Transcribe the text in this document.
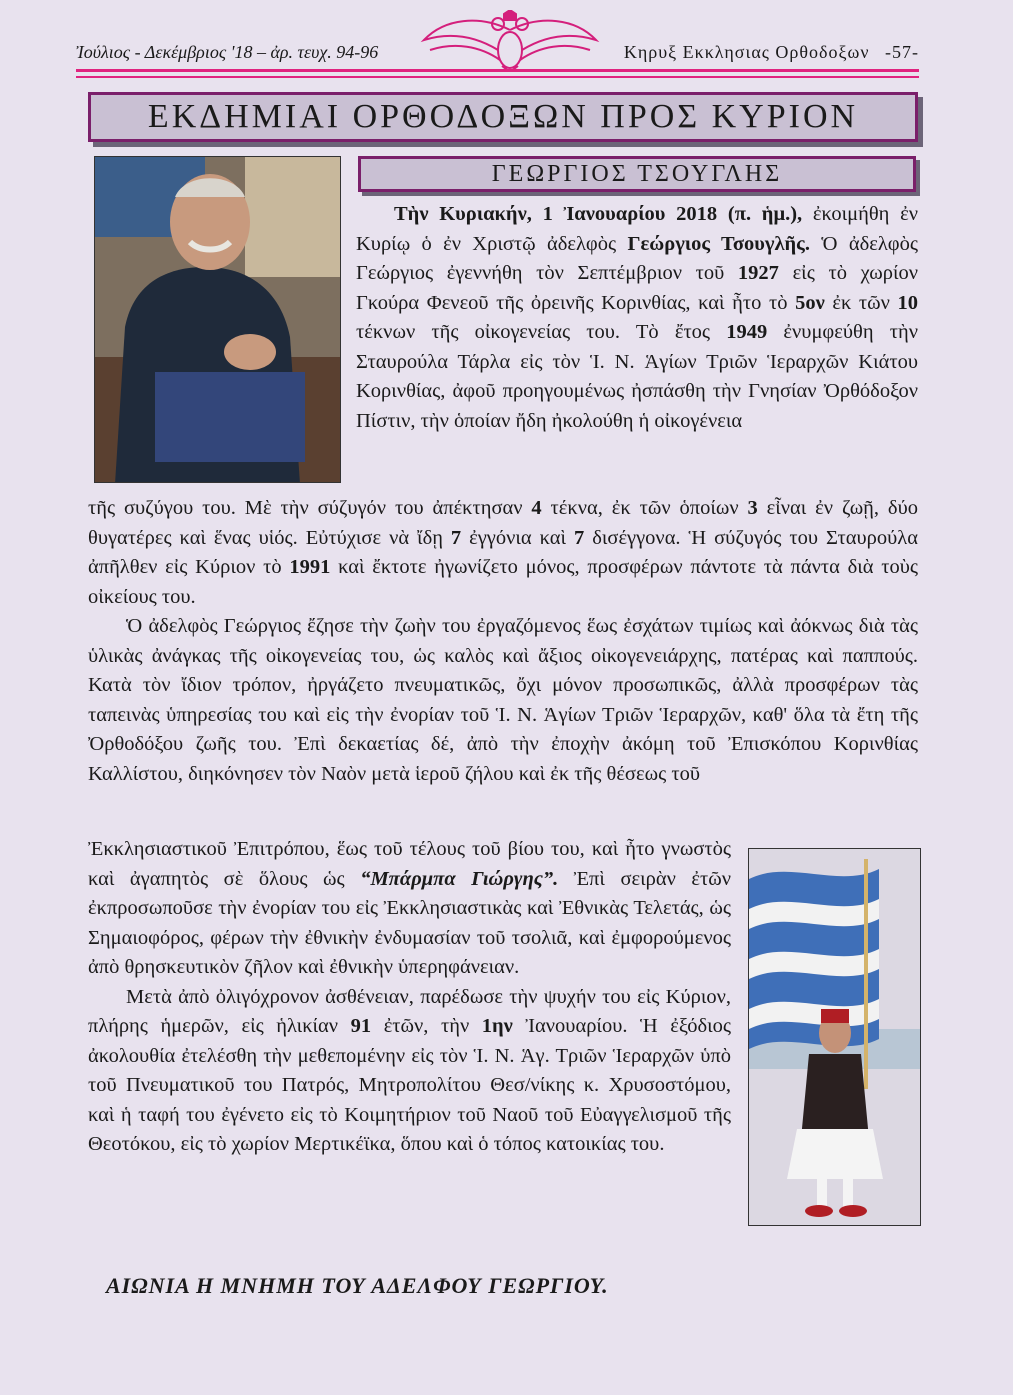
Ἰούλιος - Δεκέμβριος '18 – ἀρ. τευχ. 94-96	Κηρυξ Εκκλησιας Ορθοδοξων -57-
ΕΚΔΗΜΙΑΙ ΟΡΘΟΔΟΞΩΝ ΠΡΟΣ ΚΥΡΙΟΝ
ΓΕΩΡΓΙΟΣ ΤΣΟΥΓΛΗΣ

Τὴν Κυριακήν, 1 Ἰανουαρίου 2018 (π. ἡμ.), ἐκοιμήθη ἐν Κυρίῳ ὁ ἐν Χριστῷ ἀδελφὸς Γεώργιος Τσουγλῆς. Ὁ ἀδελφὸς Γεώργιος ἐγεννήθη τὸν Σεπτέμβριον τοῦ 1927 εἰς τὸ χωρίον Γκούρα Φενεοῦ τῆς ὀρεινῆς Κορινθίας, καὶ ἦτο τὸ 5ον ἐκ τῶν 10 τέκνων τῆς οἰκογενείας του. Τὸ ἔτος 1949 ἐνυμφεύθη τὴν Σταυρούλα Τάρλα εἰς τὸν Ἱ. Ν. Ἁγίων Τριῶν Ἱεραρχῶν Κιάτου Κορινθίας, ἀφοῦ προηγουμένως ἠσπάσθη τὴν Γνησίαν Ὀρθόδοξον Πίστιν, τὴν ὁποίαν ἤδη ἠκολούθη ἡ οἰκογένεια

τῆς συζύγου του. Μὲ τὴν σύζυγόν του ἀπέκτησαν 4 τέκνα, ἐκ τῶν ὁποίων 3 εἶναι ἐν ζωῇ, δύο θυγατέρες καὶ ἕνας υἱός. Εὐτύχισε νὰ ἴδῃ 7 ἐγγόνια καὶ 7 δισέγγονα. Ἡ σύζυγός του Σταυρούλα ἀπῆλθεν εἰς Κύριον τὸ 1991 καὶ ἔκτοτε ἠγωνίζετο μόνος, προσφέρων πάντοτε τὰ πάντα διὰ τοὺς οἰκείους του.

Ὁ ἀδελφὸς Γεώργιος ἔζησε τὴν ζωὴν του ἐργαζόμενος ἕως ἐσχάτων τιμίως καὶ ἀόκνως διὰ τὰς ὑλικὰς ἀνάγκας τῆς οἰκογενείας του, ὡς καλὸς καὶ ἄξιος οἰκογενειάρχης, πατέρας καὶ παππούς. Κατὰ τὸν ἴδιον τρόπον, ἠργάζετο πνευματικῶς, ὄχι μόνον προσωπικῶς, ἀλλὰ προσφέρων τὰς ταπεινὰς ὑπηρεσίας του καὶ εἰς τὴν ἐνορίαν τοῦ Ἱ. Ν. Ἁγίων Τριῶν Ἱεραρχῶν, καθ' ὅλα τὰ ἔτη τῆς Ὀρθοδόξου ζωῆς του. Ἐπὶ δεκαετίας δέ, ἀπὸ τὴν ἐποχὴν ἀκόμη τοῦ Ἐπισκόπου Κορινθίας Καλλίστου, διηκόνησεν τὸν Ναὸν μετὰ ἱεροῦ ζήλου καὶ ἐκ τῆς θέσεως τοῦ

Ἐκκλησιαστικοῦ Ἐπιτρόπου, ἕως τοῦ τέλους τοῦ βίου του, καὶ ἦτο γνωστὸς καὶ ἀγαπητὸς σὲ ὅλους ὡς “Μπάρμπα Γιώργης”. Ἐπὶ σειρὰν ἐτῶν ἐκπροσωποῦσε τὴν ἐνορίαν του εἰς Ἐκκλησιαστικὰς καὶ Ἐθνικὰς Τελετάς, ὡς Σημαιοφόρος, φέρων τὴν ἐθνικὴν ἐνδυμασίαν τοῦ τσολιᾶ, καὶ ἐμφορούμενος ἀπὸ θρησκευτικὸν ζῆλον καὶ ἐθνικὴν ὑπερηφάνειαν.

Μετὰ ἀπὸ ὀλιγόχρονον ἀσθένειαν, παρέδωσε τὴν ψυχήν του εἰς Κύριον, πλήρης ἡμερῶν, εἰς ἡλικίαν 91 ἐτῶν, τὴν 1ην Ἰανουαρίου. Ἡ ἐξόδιος ἀκολουθία ἐτελέσθη τὴν μεθεπομένην εἰς τὸν Ἱ. Ν. Ἁγ. Τριῶν Ἱεραρχῶν ὑπὸ τοῦ Πνευματικοῦ του Πατρός, Μητροπολίτου Θεσ/νίκης κ. Χρυσοστόμου, καὶ ἡ ταφή του ἐγένετο εἰς τὸ Κοιμητήριον τοῦ Ναοῦ τοῦ Εὐαγγελισμοῦ τῆς Θεοτόκου, εἰς τὸ χωρίον Μερτικέϊκα, ὅπου καὶ ὁ τόπος κατοικίας του.

ΑΙΩΝΙΑ Η ΜΝΗΜΗ ΤΟΥ ΑΔΕΛΦΟΥ ΓΕΩΡΓΙΟΥ.
